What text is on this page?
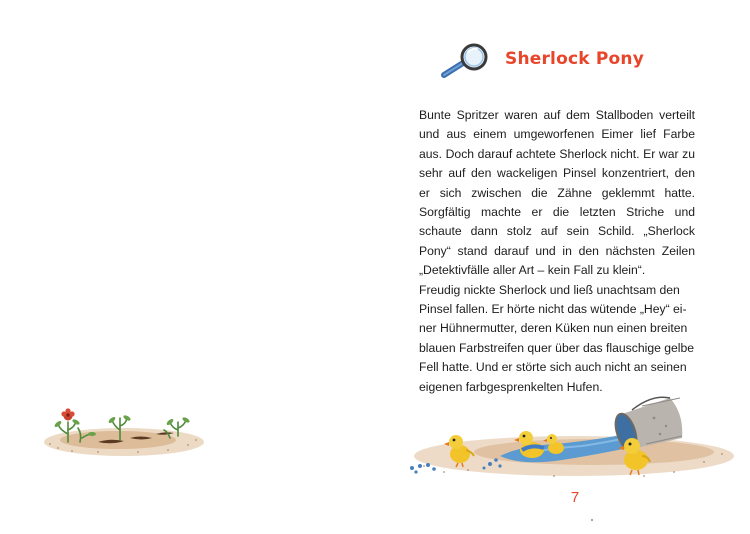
Sherlock Pony

Bunte Spritzer waren auf dem Stallboden verteilt und aus einem umgeworfenen Eimer lief Farbe aus. Doch darauf achtete Sherlock nicht. Er war zu sehr auf den wackeligen Pinsel konzentriert, den er sich zwischen die Zähne geklemmt hatte. Sorgfältig machte er die letzten Striche und schaute dann stolz auf sein Schild. „Sherlock Pony“ stand darauf und in den nächsten Zeilen „Detektivfälle aller Art – kein Fall zu klein“.

Freudig nickte Sherlock und ließ unachtsam den Pinsel fallen. Er hörte nicht das wütende „Hey“ einer Hühnermutter, deren Küken nun einen breiten blauen Farbstreifen quer über das flauschige gelbe Fell hatte. Und er störte sich auch nicht an seinen eigenen farbgesprenkelten Hufen.

7
